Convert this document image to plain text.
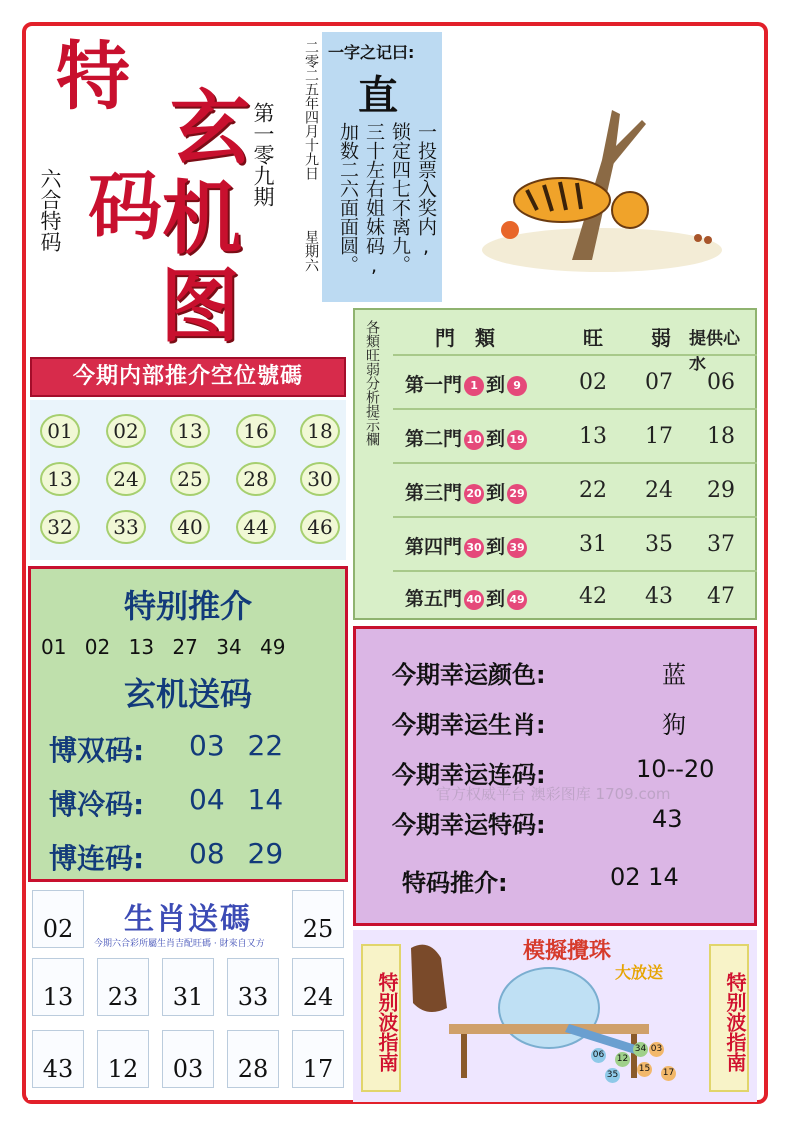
特
码
玄
机
图
六合特码
第一零九期 二零二五年四月十九日
星期六
一字之记曰:
直
一投票入奖内,
锁定四七不离九。
三十左右姐妹码,
加数二六面面圆。
今期内部推介空位號碼
01	02	13	16	18
13	24	25	28	30
32	33	40	44	46
各類旺弱分析提示欄	門　類	旺 弱 提供心水
第一門 1 到 9	02 07 06
第二門 10 到 19 13 17 18
第三門 20 到 29 22 24 29
第四門 30 到 39 31 35 37
第五門 40 到 49 42 43 47
特别推介
01 02 13 27 34 49
玄机送码
博双码: 03 22
博冷码: 04 14
博连码: 08 29
今期幸运颜色:	蓝
今期幸运生肖:	狗
今期幸运连码:	10--20
官方权威平台 澳彩图库 1709.com
今期幸运特码:	43
特码推介:	02 14
生肖送碼
今期六合彩所屬生肖吉配旺碼 · 財來自又方
02	25
13	23	31	33	24
43	12	03	28	17	特别波指南	特别波指南
模擬攪珠
大放送
06 12
34 03
35
15 17
